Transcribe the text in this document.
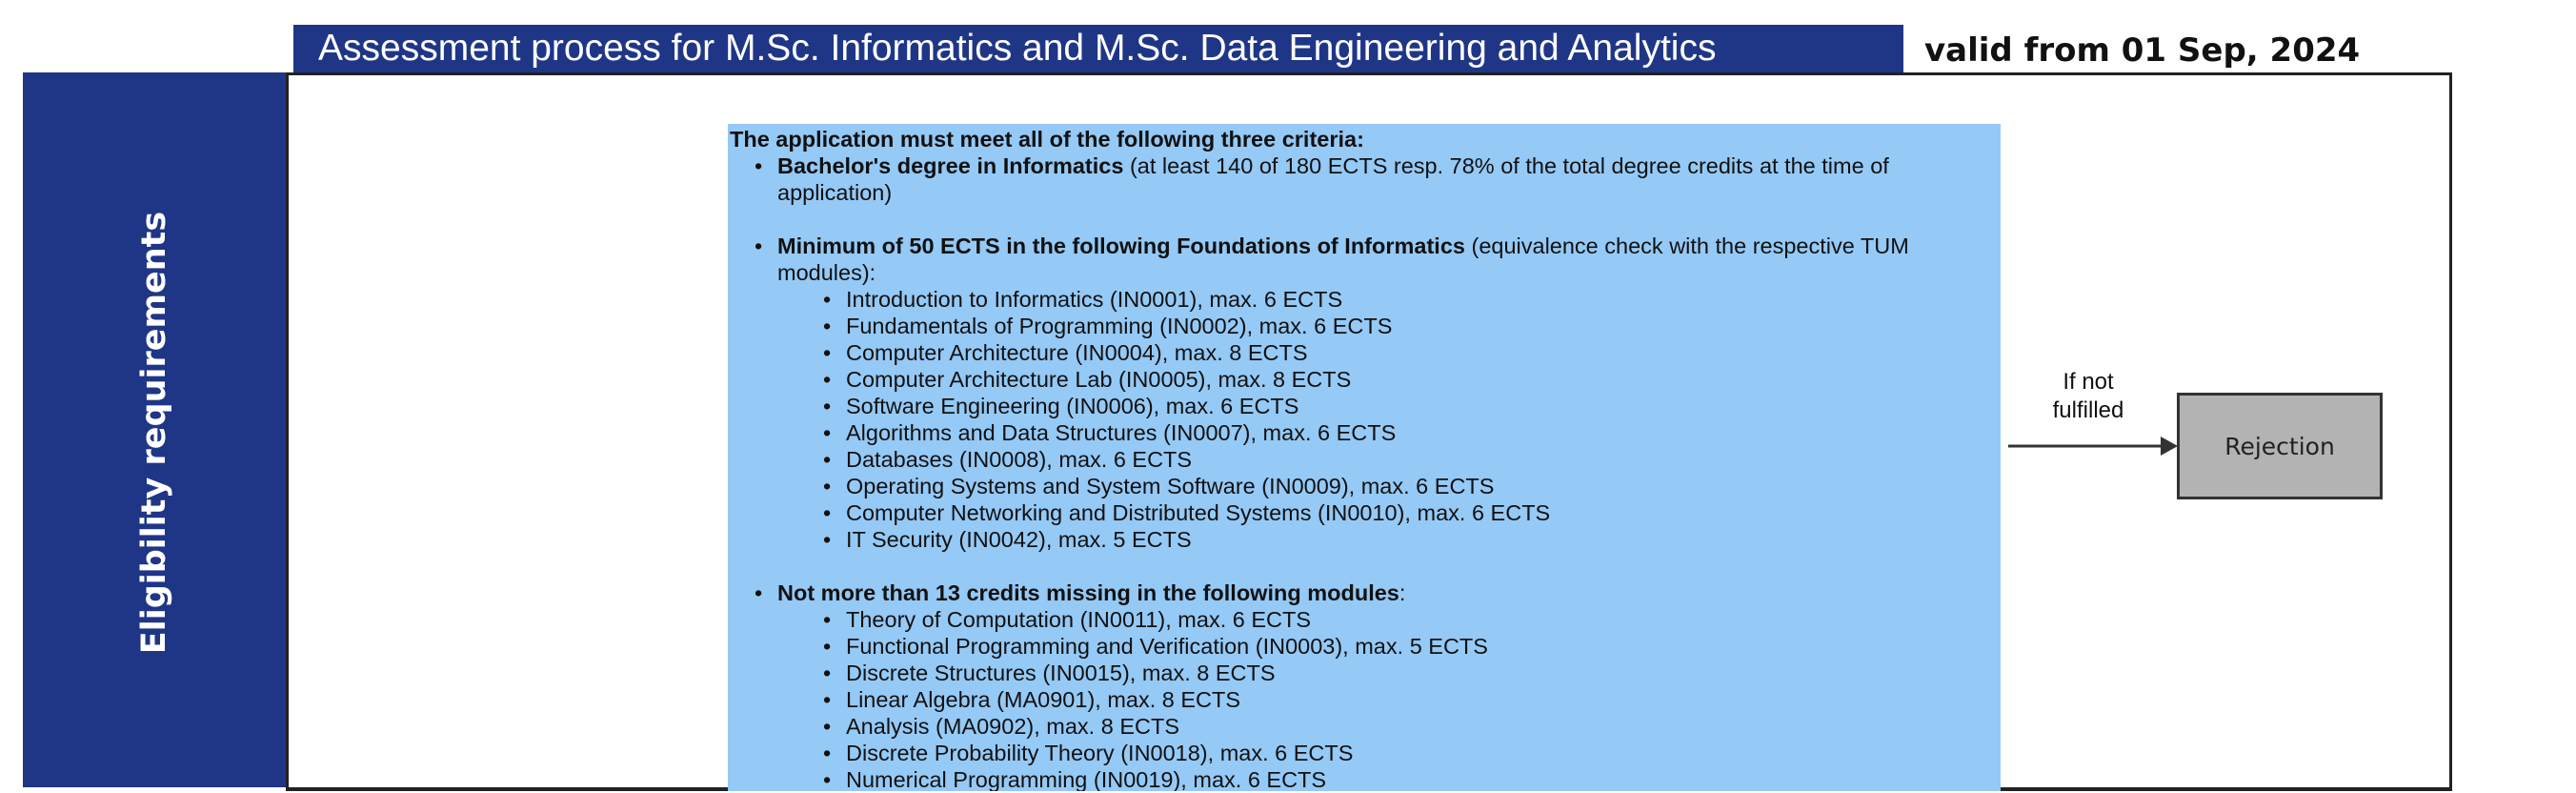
Assessment process for M.Sc. Informatics and M.Sc. Data Engineering and Analytics	valid from 01 Sep, 2024
Eligibility requirements

The application must meet all of the following three criteria:

• Bachelor's degree in Informatics (at least 140 of 180 ECTS resp. 78% of the total degree credits at the time of application)

• Minimum of 50 ECTS in the following Foundations of Informatics (equivalence check with the respective TUM modules):

• Introduction to Informatics (IN0001), max. 6 ECTS
• Fundamentals of Programming (IN0002), max. 6 ECTS
• Computer Architecture (IN0004), max. 8 ECTS
• Computer Architecture Lab (IN0005), max. 8 ECTS
• Software Engineering (IN0006), max. 6 ECTS
• Algorithms and Data Structures (IN0007), max. 6 ECTS
• Databases (IN0008), max. 6 ECTS
• Operating Systems and System Software (IN0009), max. 6 ECTS
• Computer Networking and Distributed Systems (IN0010), max. 6 ECTS
• IT Security (IN0042), max. 5 ECTS

• Not more than 13 credits missing in the following modules:

• Theory of Computation (IN0011), max. 6 ECTS
• Functional Programming and Verification (IN0003), max. 5 ECTS
• Discrete Structures (IN0015), max. 8 ECTS
• Linear Algebra (MA0901), max. 8 ECTS
• Analysis (MA0902), max. 8 ECTS
• Discrete Probability Theory (IN0018), max. 6 ECTS
• Numerical Programming (IN0019), max. 6 ECTS
If not
fulfilled
Rejection
